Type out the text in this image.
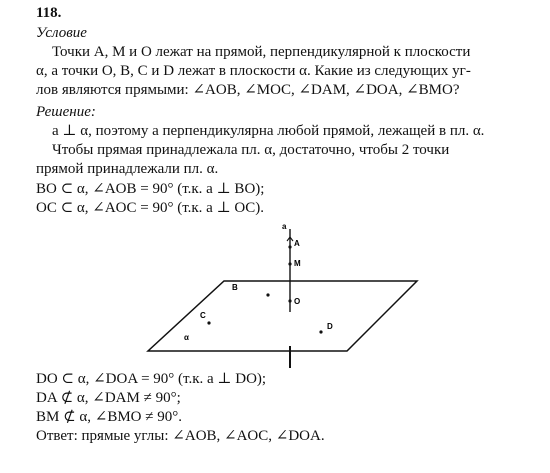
118.
Условие
Точки A, M и O лежат на прямой, перпендикулярной к плоскости
α, а точки O, B, C и D лежат в плоскости α. Какие из следующих уг-
лов являются прямыми: ∠AOB, ∠MOC, ∠DAM, ∠DOA, ∠BMO?
Решение:
a ⊥ α, поэтому a перпендикулярна любой прямой, лежащей в пл. α.
Чтобы прямая принадлежала пл. α, достаточно, чтобы 2 точки
прямой принадлежали пл. α.
BO ⊂ α, ∠AOB = 90° (т.к. a ⊥ BO);
OC ⊂ α, ∠AOC = 90° (т.к. a ⊥ OC).
a
A
M
O
B
C
D
α
DO ⊂ α, ∠DOA = 90° (т.к. a ⊥ DO);
DA ⊄ α, ∠DAM ≠ 90°;
BM ⊄ α, ∠BMO ≠ 90°.
Ответ: прямые углы: ∠AOB, ∠AOC, ∠DOA.
